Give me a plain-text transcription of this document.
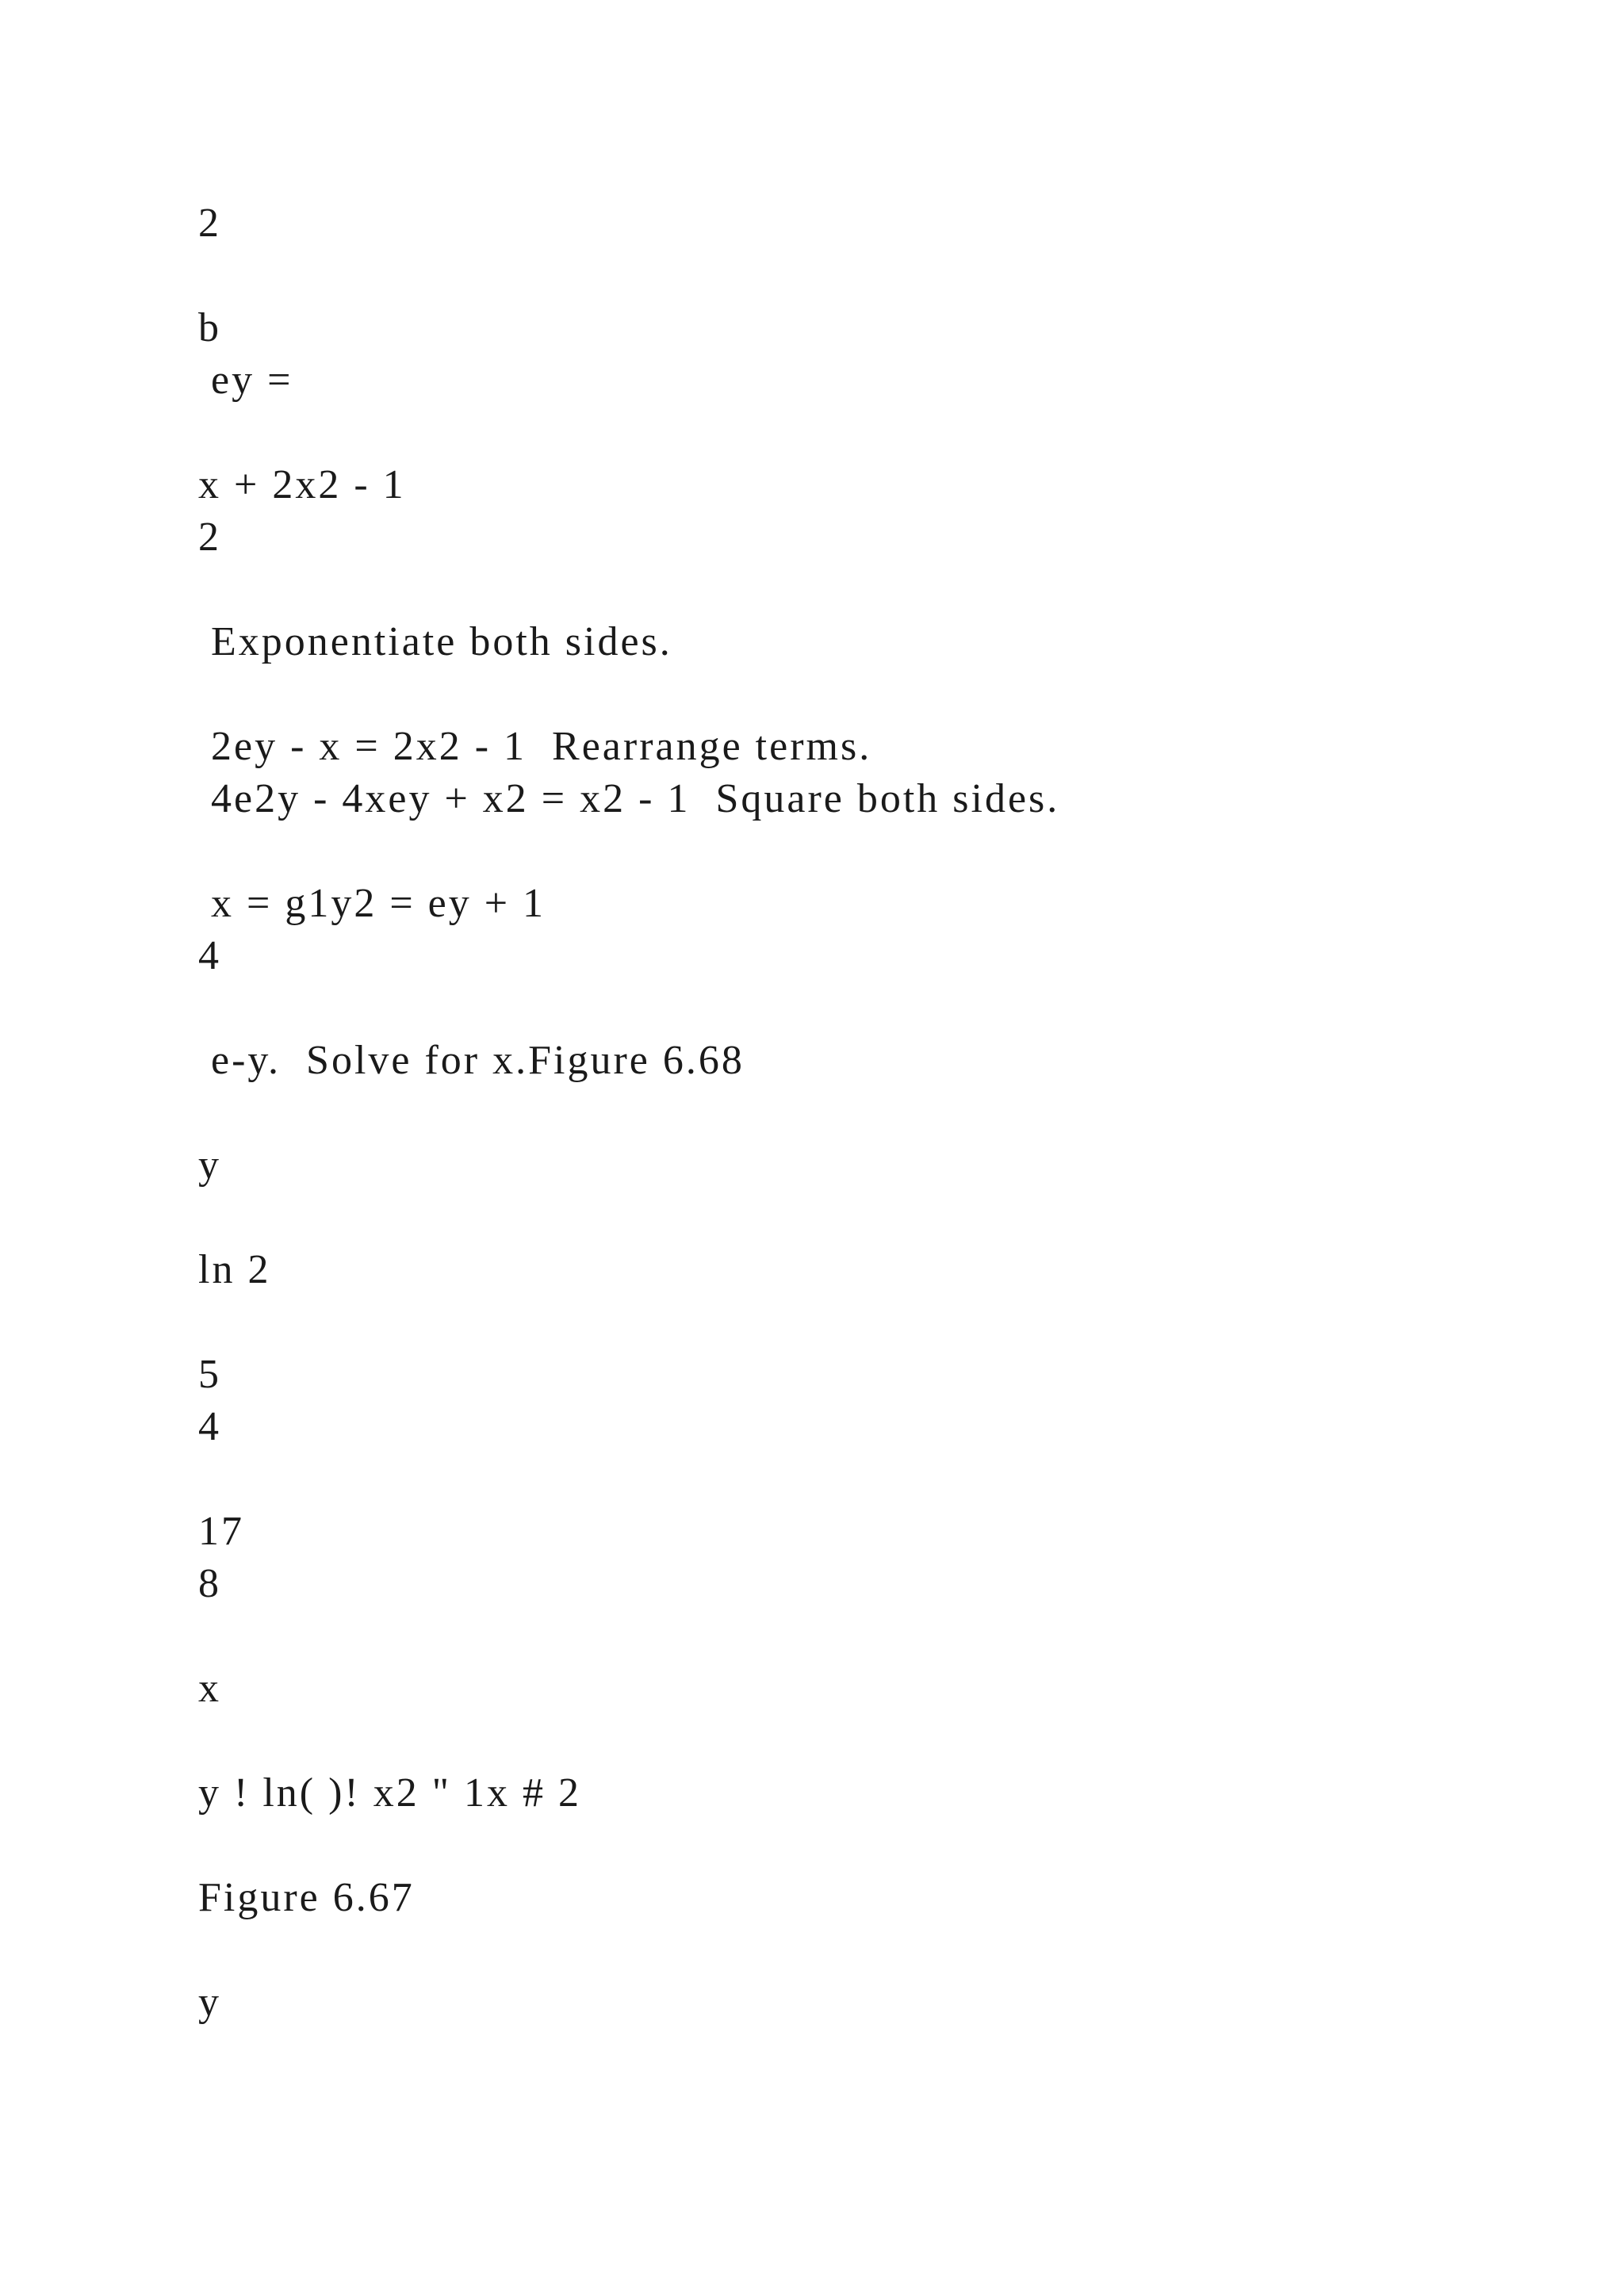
2

b

ey =

x + 2x2 - 1

2

Exponentiate both sides.

2ey - x = 2x2 - 1  Rearrange terms.

4e2y - 4xey + x2 = x2 - 1  Square both sides.

x = g1y2 = ey + 1

4

e-y.  Solve for x.Figure 6.68

y

ln 2

5

4

17

8

x

y ! ln( )! x2 " 1x # 2

Figure 6.67

y
